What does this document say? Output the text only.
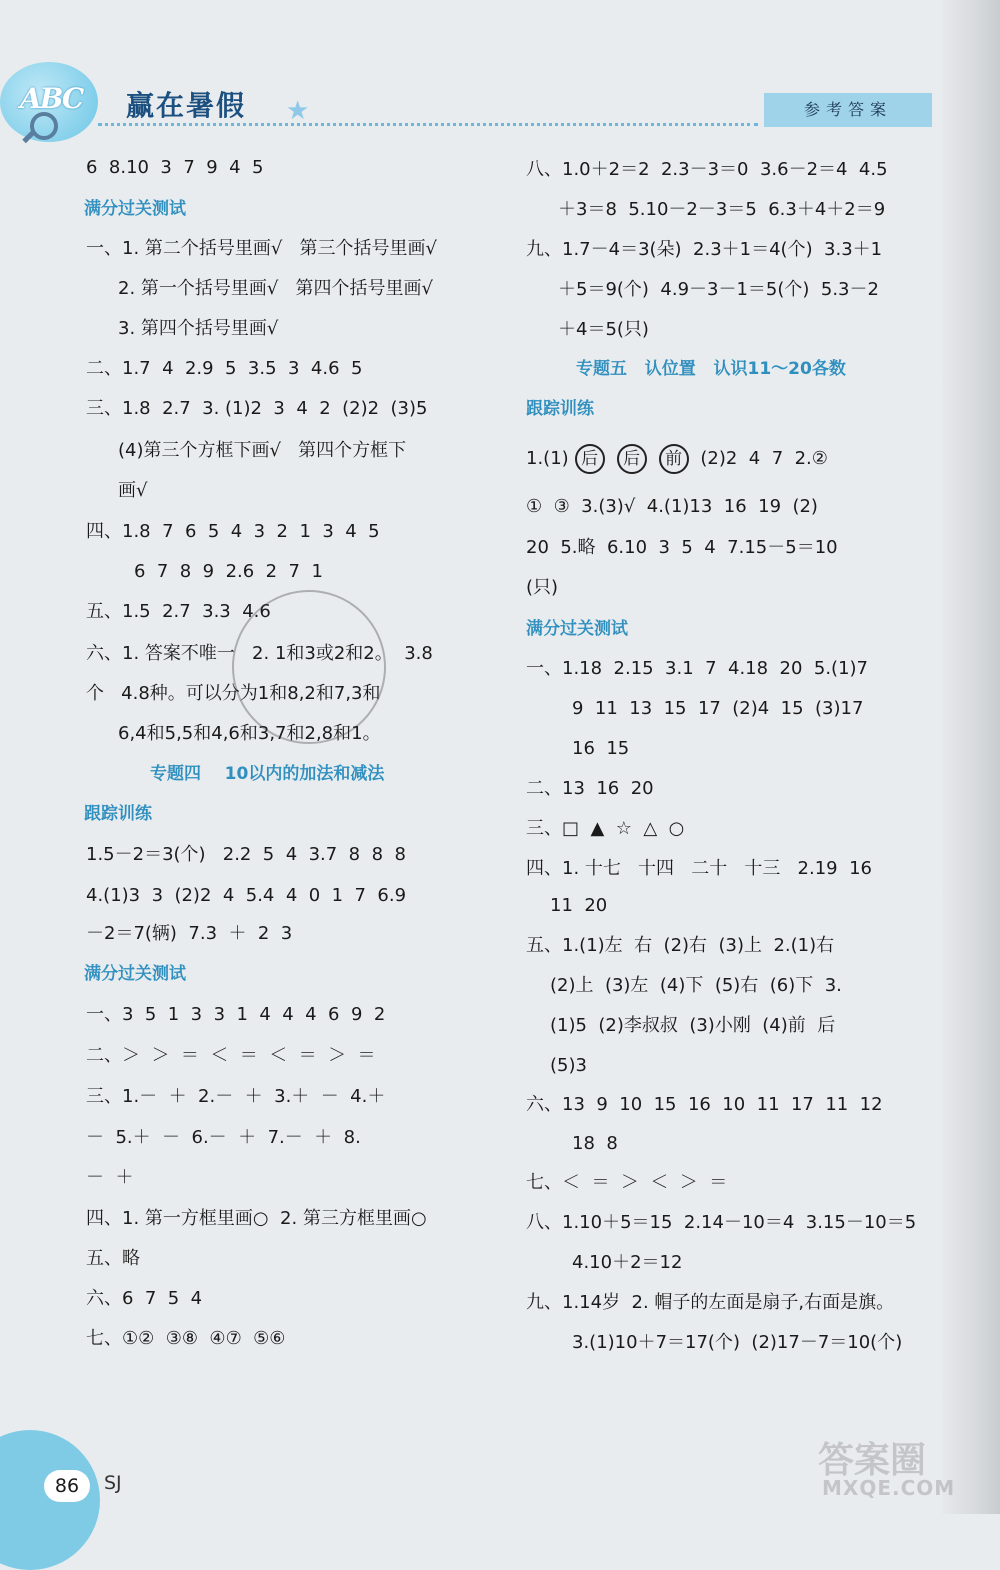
ABC 赢在暑假 ★	参考答案
6  8.10  3  7  9  4  5
满分过关测试
一、1. 第二个括号里画√   第三个括号里画√
2. 第一个括号里画√   第四个括号里画√
3. 第四个括号里画√
二、1.7  4  2.9  5  3.5  3  4.6  5
三、1.8  2.7  3. (1)2  3  4  2  (2)2  (3)5
(4)第三个方框下画√   第四个方框下
画√
四、1.8  7  6  5  4  3  2  1  3  4  5
6  7  8  9  2.6  2  7  1
五、1.5  2.7  3.3  4.6
六、1. 答案不唯一   2. 1和3或2和2。  3.8
个   4.8种。可以分为1和8,2和7,3和
6,4和5,5和4,6和3,7和2,8和1。
专题四    10以内的加法和减法
跟踪训练
1.5－2＝3(个)   2.2  5  4  3.7  8  8  8
4.(1)3  3  (2)2  4  5.4  4  0  1  7  6.9
－2＝7(辆)  7.3  ＋  2  3
满分过关测试
一、3  5  1  3  3  1  4  4  4  6  9  2
二、＞  ＞  ＝  ＜  ＝  ＜  ＝  ＞  ＝
三、1.－  ＋  2.－  ＋  3.＋  －  4.＋
－  5.＋  －  6.－  ＋  7.－  ＋  8.
－  ＋
四、1. 第一方框里画○  2. 第三方框里画○
五、略
六、6  7  5  4
七、①②  ③⑧  ④⑦  ⑤⑥
八、1.0＋2＝2  2.3－3＝0  3.6－2＝4  4.5
＋3＝8  5.10－2－3＝5  6.3＋4＋2＝9
九、1.7－4＝3(朵)  2.3＋1＝4(个)  3.3＋1
＋5＝9(个)  4.9－3－1＝5(个)  5.3－2
＋4＝5(只)
专题五   认位置   认识11～20各数
跟踪训练
1.(1) 后 后 前 (2)2  4  7  2.②
①  ③  3.(3)√  4.(1)13  16  19  (2)
20  5.略  6.10  3  5  4  7.15－5＝10
(只)
满分过关测试
一、1.18  2.15  3.1  7  4.18  20  5.(1)7
9  11  13  15  17  (2)4  15  (3)17
16  15
二、13  16  20
三、□  ▲  ☆  △  ○
四、1. 十七   十四   二十   十三   2.19  16
11  20
五、1.(1)左  右  (2)右  (3)上  2.(1)右
(2)上  (3)左  (4)下  (5)右  (6)下  3.
(1)5  (2)李叔叔  (3)小刚  (4)前  后
(5)3
六、13  9  10  15  16  10  11  17  11  12
18  8
七、＜  ＝  ＞  ＜  ＞  ＝
八、1.10＋5＝15  2.14－10＝4  3.15－10＝5
4.10＋2＝12
九、1.14岁  2. 帽子的左面是扇子,右面是旗。
3.(1)10＋7＝17(个)  (2)17－7＝10(个)
86	SJ
答案圈
MXQE.COM
